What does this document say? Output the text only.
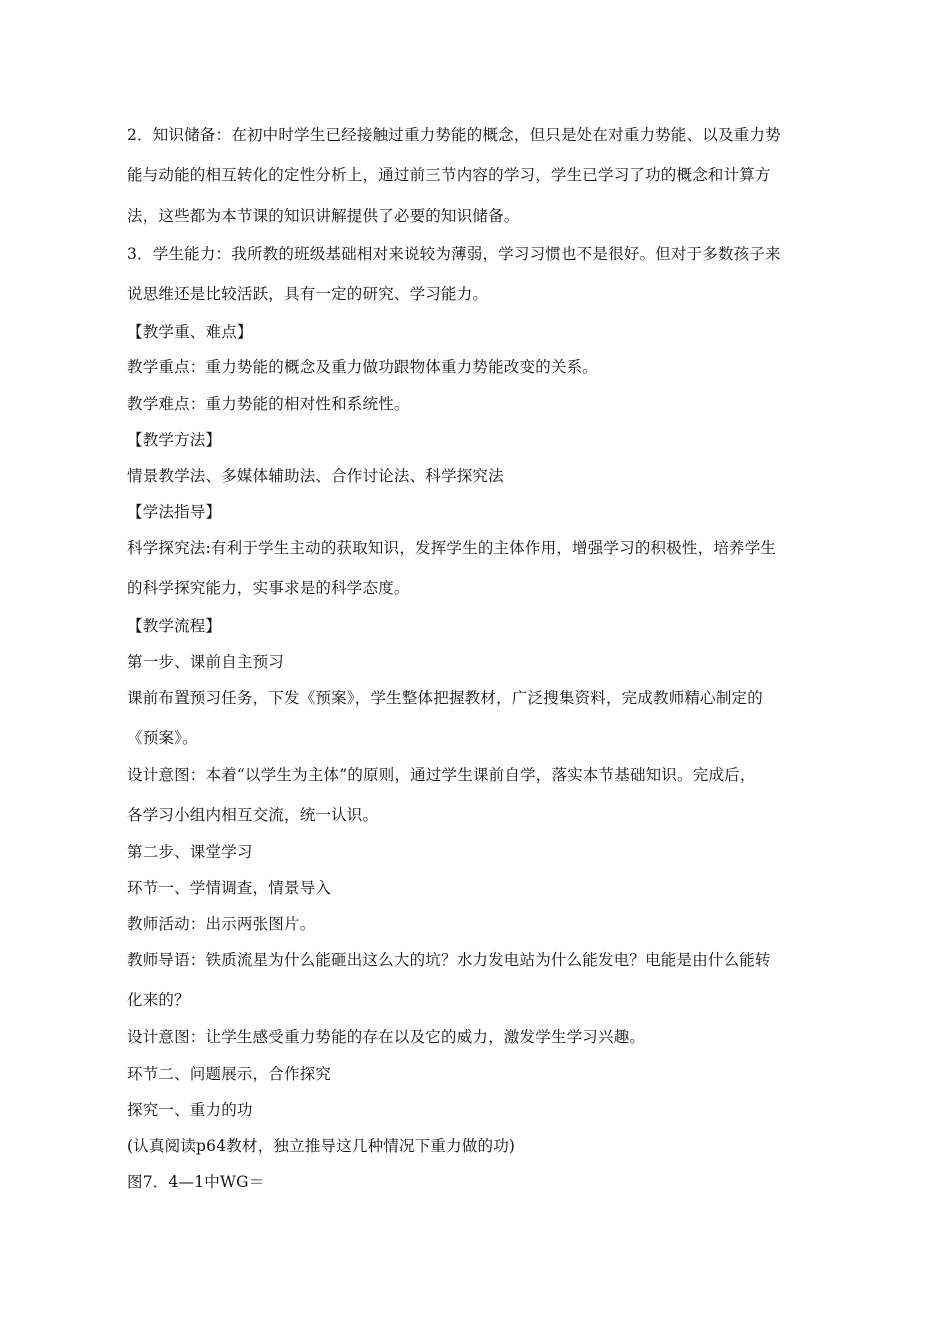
2．知识储备：在初中时学生已经接触过重力势能的概念，但只是处在对重力势能、以及重力势
能与动能的相互转化的定性分析上，通过前三节内容的学习，学生已学习了功的概念和计算方
法，这些都为本节课的知识讲解提供了必要的知识储备。
3．学生能力：我所教的班级基础相对来说较为薄弱，学习习惯也不是很好。但对于多数孩子来
说思维还是比较活跃，具有一定的研究、学习能力。
【教学重、难点】
教学重点：重力势能的概念及重力做功跟物体重力势能改变的关系。
教学难点：重力势能的相对性和系统性。
【教学方法】
情景教学法、多媒体辅助法、合作讨论法、科学探究法
【学法指导】
科学探究法:有利于学生主动的获取知识，发挥学生的主体作用，增强学习的积极性，培养学生
的科学探究能力，实事求是的科学态度。
【教学流程】
第一步、课前自主预习
课前布置预习任务，下发《预案》，学生整体把握教材，广泛搜集资料，完成教师精心制定的
《预案》。
设计意图：本着“以学生为主体”的原则，通过学生课前自学，落实本节基础知识。完成后，
各学习小组内相互交流，统一认识。
第二步、课堂学习
环节一、学情调查，情景导入
教师活动：出示两张图片。
教师导语：铁质流星为什么能砸出这么大的坑？水力发电站为什么能发电？电能是由什么能转
化来的？
设计意图：让学生感受重力势能的存在以及它的威力，激发学生学习兴趣。
环节二、问题展示，合作探究
探究一、重力的功
(认真阅读p64教材，独立推导这几种情况下重力做的功)
图7．4—1中WG＝
